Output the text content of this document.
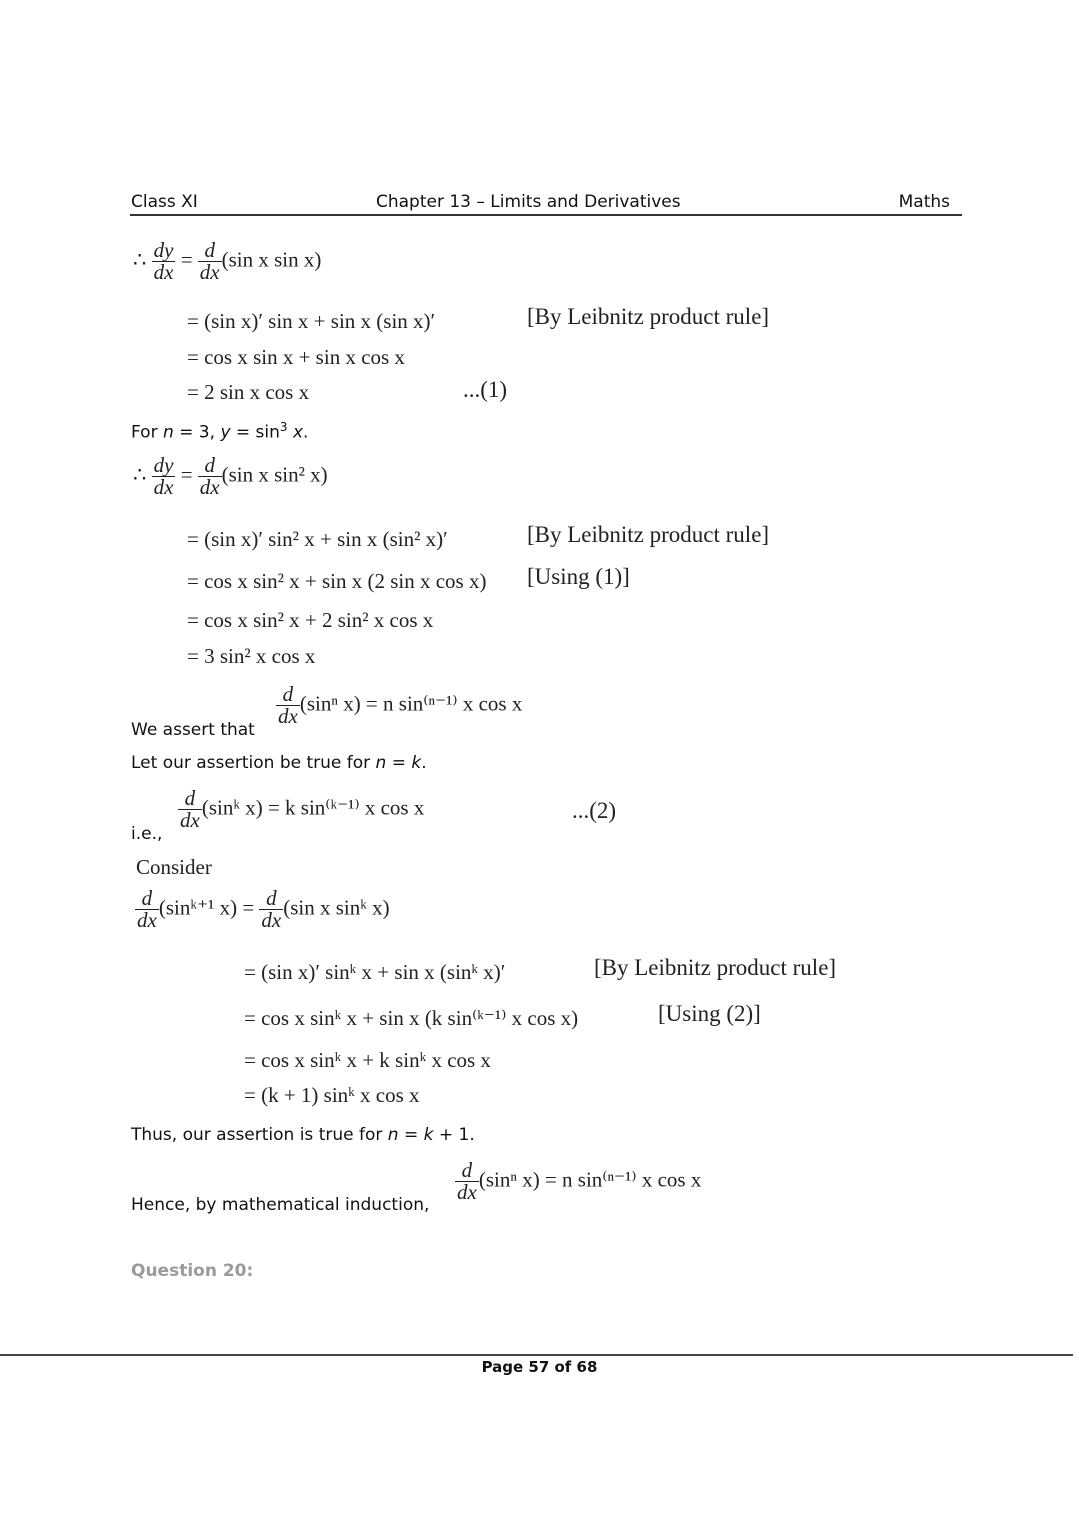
Class XI	Chapter 13 – Limits and Derivatives	Maths
∴ $\frac{dy}{dx} = \frac{d}{dx} (\sin$ x sin x)
= (sin x)′ sin x + sin x (sin x)′	[By Leibnitz product rule]
= cos x sin x + sin x cos x
= 2 sin x cos x	...(1)
For n = 3, $y = \sin^3 x$.
∴ $\frac{dy}{dx} = \frac{d}{dx} (\sin$ x sin² x)
= (sin x)′ sin² x + sin x (sin² x)′	[By Leibnitz product rule]
= cos x sin² x + sin x (2 sin x cos x) [Using (1)]
= cos x sin² x + 2 sin² x cos x
= 3 sin² x cos x
We assert that
$\frac{d}{dx} (\sin^n$ x) = n sin⁽ⁿ⁻¹⁾ x cos x
Let our assertion be true for n = k.
i.e.,
$\frac{d}{dx}$ (sinᵏ x) = k sin⁽ᵏ⁻¹⁾ x cos x	...(2)
Consider
$\frac{d}{dx}$ (sinᵏ⁺¹ $x) = \frac{d}{dx} (\sin$ x sinᵏ x)
= (sin x)′ sinᵏ x + sin x (sinᵏ x)′	[By Leibnitz product rule]
= cos x sinᵏ x + sin x (k sin⁽ᵏ⁻¹⁾ x cos x)	[Using (2)]
= cos x sinᵏ x + k sinᵏ x cos x
= (k + 1) sinᵏ x cos x
Thus, our assertion is true for n = k + 1.
Hence, by mathematical induction,
$\frac{d}{dx} (\sin^n$ x) = n sin⁽ⁿ⁻¹⁾ x cos x
Question 20:
Page 57 of 68
